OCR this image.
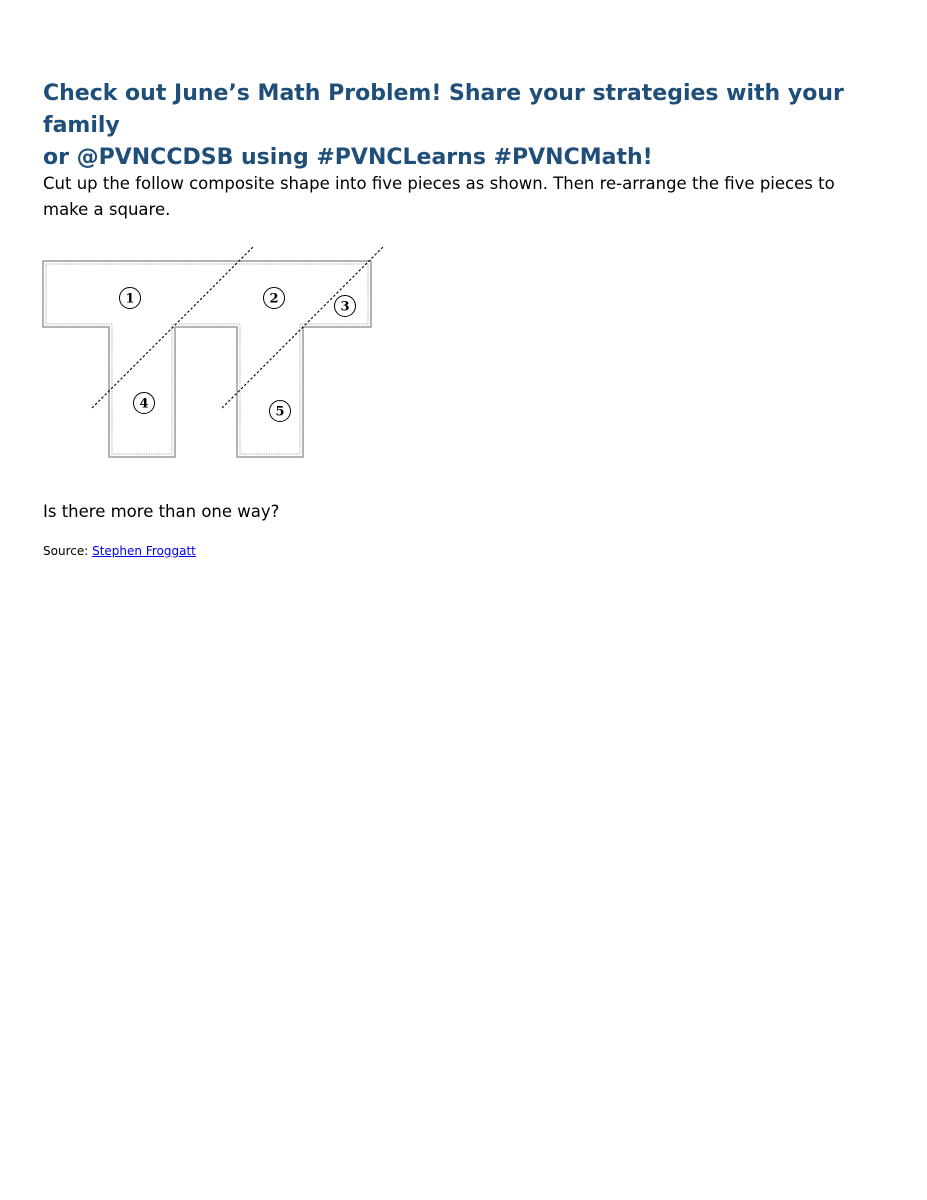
Check out June’s Math Problem! Share your strategies with your family
or @PVNCCDSB using #PVNCLearns #PVNCMath!

Cut up the follow composite shape into five pieces as shown. Then re-arrange the five pieces to
make a square.

1	2
3
4
5

Is there more than one way?

Source: Stephen Froggatt
